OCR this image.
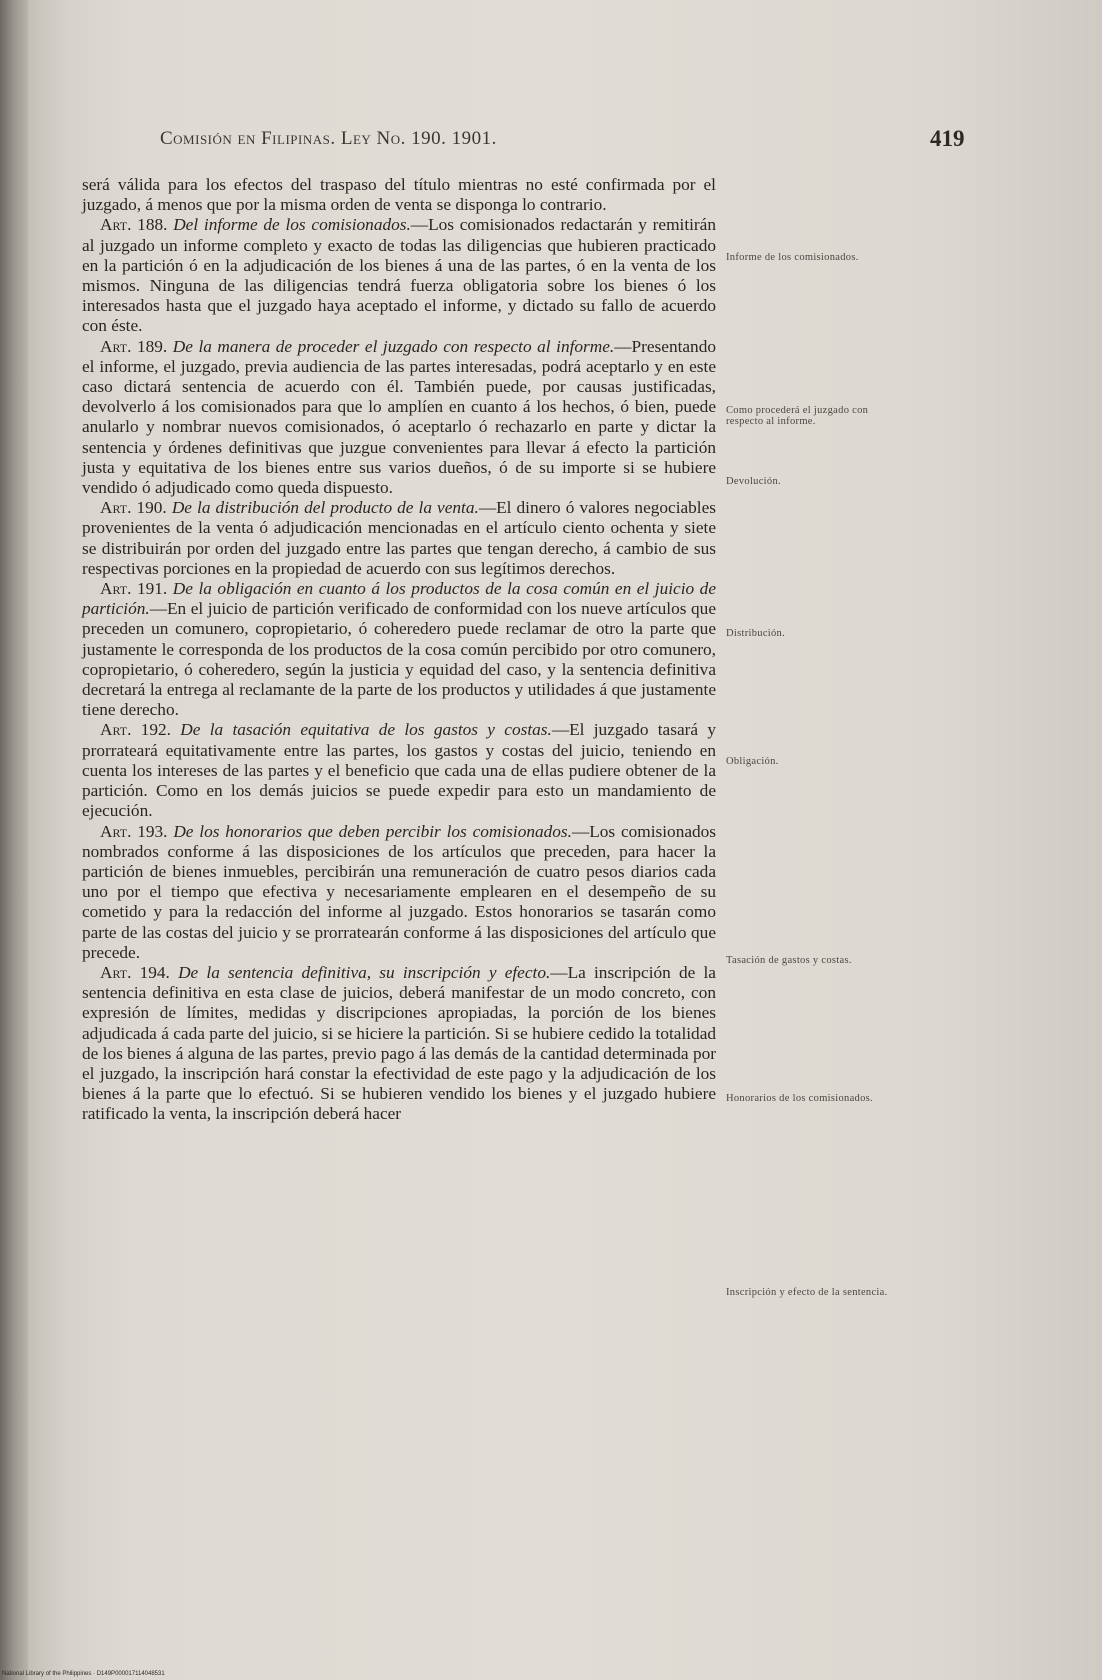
Comisión en Filipinas. Ley No. 190. 1901.	419

será válida para los efectos del traspaso del título mientras no esté confirmada por el juzgado, á menos que por la misma orden de venta se disponga lo contrario.

Art. 188. Del informe de los comisionados.—Los comisionados redactarán y remitirán al juzgado un informe completo y exacto de todas las diligencias que hubieren practicado en la partición ó en la adjudicación de los bienes á una de las partes, ó en la venta de los mismos. Ninguna de las diligencias tendrá fuerza obligatoria sobre los bienes ó los interesados hasta que el juzgado haya aceptado el informe, y dictado su fallo de acuerdo con éste.

Art. 189. De la manera de proceder el juzgado con respecto al informe.—Presentando el informe, el juzgado, previa audiencia de las partes interesadas, podrá aceptarlo y en este caso dictará sentencia de acuerdo con él. También puede, por causas justificadas, devolverlo á los comisionados para que lo amplíen en cuanto á los hechos, ó bien, puede anularlo y nombrar nuevos comisionados, ó aceptarlo ó rechazarlo en parte y dictar la sentencia y órdenes definitivas que juzgue convenientes para llevar á efecto la partición justa y equitativa de los bienes entre sus varios dueños, ó de su importe si se hubiere vendido ó adjudicado como queda dispuesto.

Art. 190. De la distribución del producto de la venta.—El dinero ó valores negociables provenientes de la venta ó adjudicación mencionadas en el artículo ciento ochenta y siete se distribuirán por orden del juzgado entre las partes que tengan derecho, á cambio de sus respectivas porciones en la propiedad de acuerdo con sus legítimos derechos.

Art. 191. De la obligación en cuanto á los productos de la cosa común en el juicio de partición.—En el juicio de partición verificado de conformidad con los nueve artículos que preceden un comunero, copropietario, ó coheredero puede reclamar de otro la parte que justamente le corresponda de los productos de la cosa común percibido por otro comunero, copropietario, ó coheredero, según la justicia y equidad del caso, y la sentencia definitiva decretará la entrega al reclamante de la parte de los productos y utilidades á que justamente tiene derecho.

Art. 192. De la tasación equitativa de los gastos y costas.—El juzgado tasará y prorrateará equitativamente entre las partes, los gastos y costas del juicio, teniendo en cuenta los intereses de las partes y el beneficio que cada una de ellas pudiere obtener de la partición. Como en los demás juicios se puede expedir para esto un mandamiento de ejecución.

Art. 193. De los honorarios que deben percibir los comisionados.—Los comisionados nombrados conforme á las disposiciones de los artículos que preceden, para hacer la partición de bienes inmuebles, percibirán una remuneración de cuatro pesos diarios cada uno por el tiempo que efectiva y necesariamente emplearen en el desempeño de su cometido y para la redacción del informe al juzgado. Estos honorarios se tasarán como parte de las costas del juicio y se prorratearán conforme á las disposiciones del artículo que precede.

Art. 194. De la sentencia definitiva, su inscripción y efecto.—La inscripción de la sentencia definitiva en esta clase de juicios, deberá manifestar de un modo concreto, con expresión de límites, medidas y discripciones apropiadas, la porción de los bienes adjudicada á cada parte del juicio, si se hiciere la partición. Si se hubiere cedido la totalidad de los bienes á alguna de las partes, previo pago á las demás de la cantidad determinada por el juzgado, la inscripción hará constar la efectividad de este pago y la adjudicación de los bienes á la parte que lo efectuó. Si se hubieren vendido los bienes y el juzgado hubiere ratificado la venta, la inscripción deberá hacer

Informe de los comisionados.
Como procederá el juzgado con respecto al informe.
Devolución.
Distribución.
Obligación.
Tasación de gastos y costas.
Honorarios de los comisionados.
Inscripción y efecto de la sentencia.
National Library of the Philippines · D149P000017114048531
